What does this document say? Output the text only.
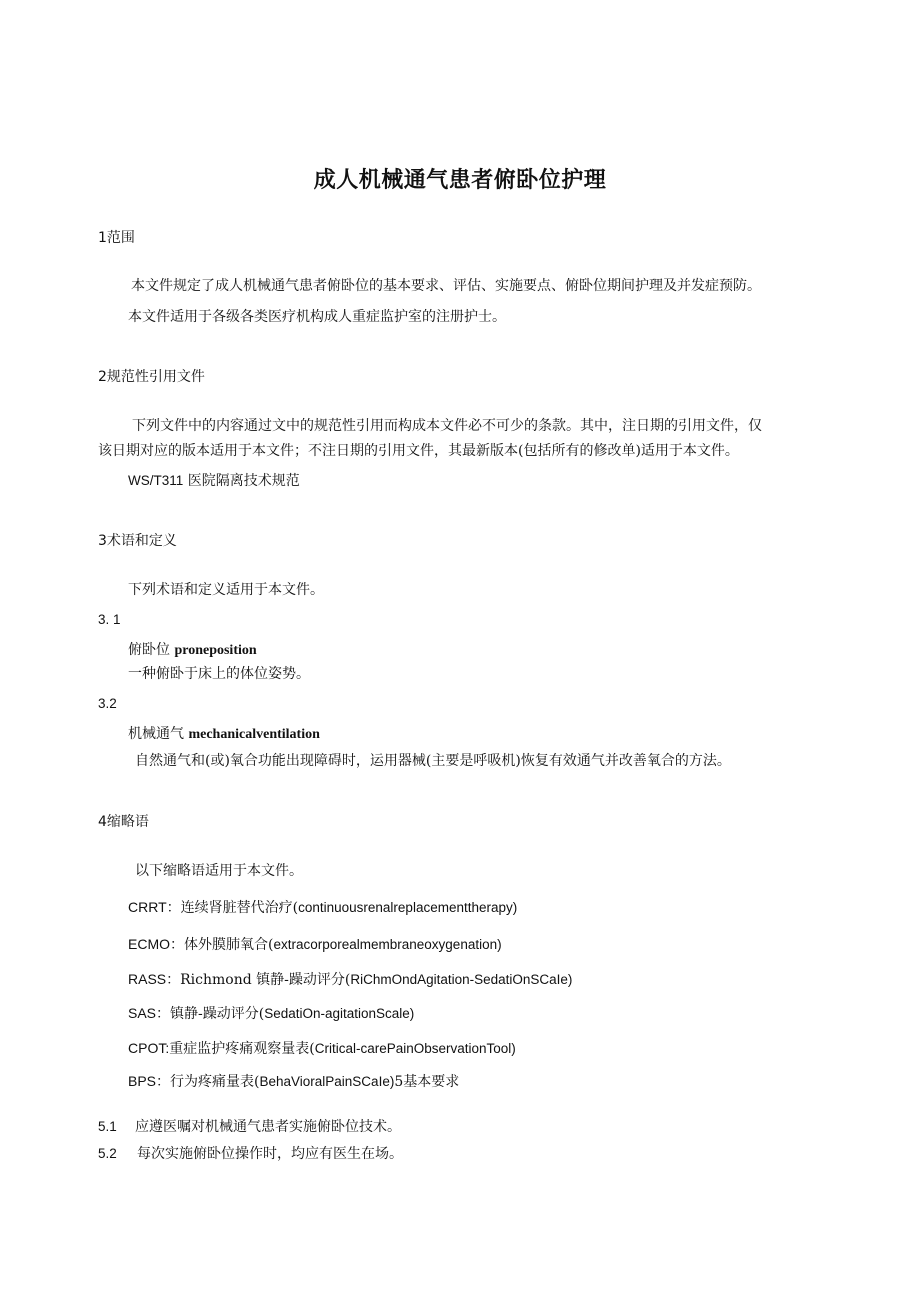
成人机械通气患者俯卧位护理
1范围
本文件规定了成人机械通气患者俯卧位的基本要求、评估、实施要点、俯卧位期间护理及并发症预防。
本文件适用于各级各类医疗机构成人重症监护室的注册护士。
2规范性引用文件
下列文件中的内容通过文中的规范性引用而构成本文件必不可少的条款。其中，注日期的引用文件，仅
该日期对应的版本适用于本文件；不注日期的引用文件，其最新版本(包括所有的修改单)适用于本文件。
WS/T311 医院隔离技术规范
3术语和定义
下列术语和定义适用于本文件。
3. 1
俯卧位 proneposition
一种俯卧于床上的体位姿势。
3.2
机械通气 mechanicalventilation
自然通气和(或)氧合功能出现障碍时，运用器械(主要是呼吸机)恢复有效通气并改善氧合的方法。
4缩略语
以下缩略语适用于本文件。
CRRT：连续肾脏替代治疗(continuousrenalreplacementtherapy)
ECMO：体外膜肺氧合(extracorporealmembraneoxygenation)
RASS：Richmond 镇静-躁动评分(RiChmOndAgitation-SedatiOnSCaIe)
SAS：镇静-躁动评分(SedatiOn-agitationScale)
CPOT:重症监护疼痛观察量表(Critical-carePainObservationTool)
BPS：行为疼痛量表(BehaVioralPainSCaIe)5基本要求
5.1 应遵医嘱对机械通气患者实施俯卧位技术。
5.2 每次实施俯卧位操作时，均应有医生在场。
